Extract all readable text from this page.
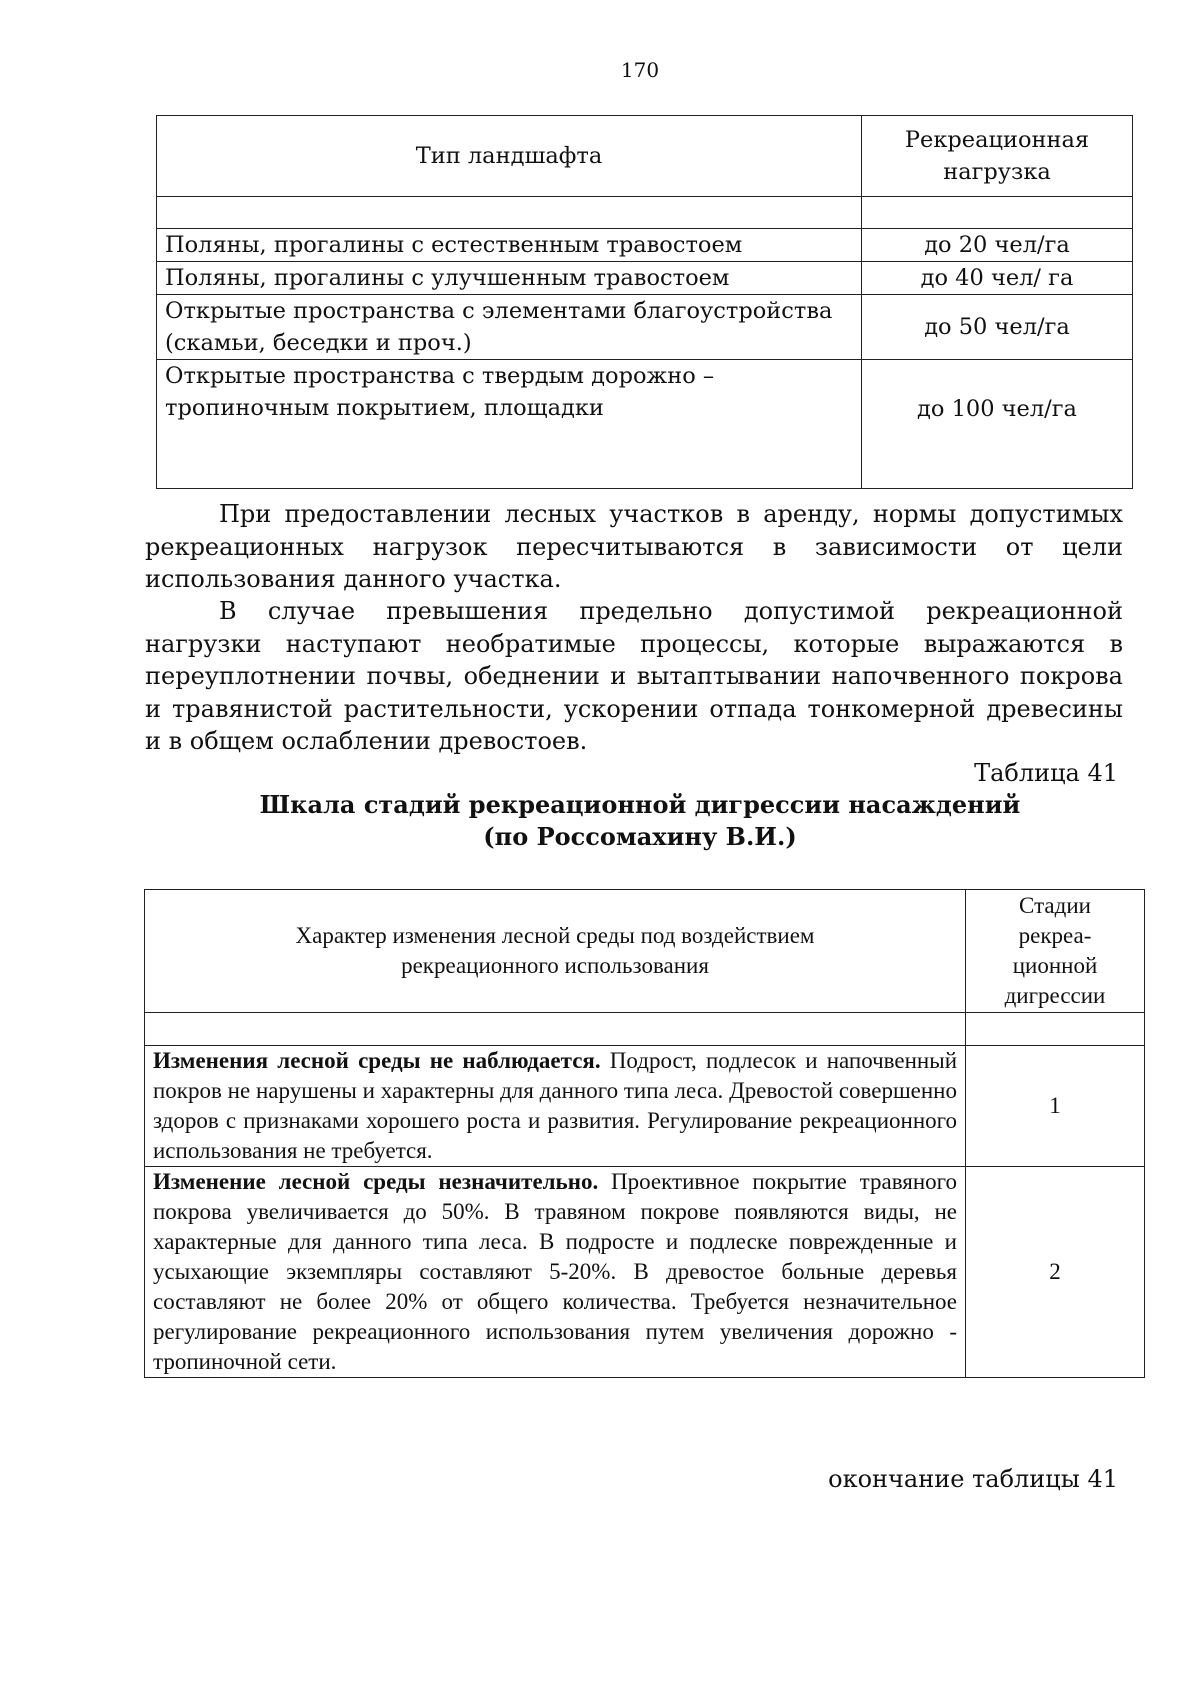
170
Тип ландшафта	Рекреационная
нагрузка

Поляны, прогалины с естественным травостоем	до 20 чел/га
Поляны, прогалины с улучшенным травостоем	до 40 чел/ га
Открытые пространства с элементами благоустройства (скамьи, беседки и проч.)	до 50 чел/га
Открытые пространства с твердым дорожно – тропиночным покрытием, площадки	до 100 чел/га

При предоставлении лесных участков в аренду, нормы допустимых рекреационных нагрузок пересчитываются в зависимости от цели использования данного участка.

В случае превышения предельно допустимой рекреационной нагрузки наступают необратимые процессы, которые выражаются в переуплотнении почвы, обеднении и вытаптывании напочвенного покрова и травянистой растительности, ускорении отпада тонкомерной древесины и в общем ослаблении древостоев.

Таблица 41

Шкала стадий рекреационной дигрессии насаждений
(по Россомахину В.И.)

Характер изменения лесной среды под воздействием
рекреационного использования	Стадии
рекреа-
ционной
дигрессии

Изменения лесной среды не наблюдается. Подрост, подлесок и напочвенный покров не нарушены и характерны для данного типа леса. Древостой совершенно здоров с признаками хорошего роста и развития. Регулирование рекреационного использования не требуется.	1
Изменение лесной среды незначительно. Проективное покрытие травяного покрова увеличивается до 50%. В травяном покрове появляются виды, не характерные для данного типа леса. В подросте и подлеске поврежденные и усыхающие экземпляры составляют 5-20%. В древостое больные деревья составляют не более 20% от общего количества. Требуется незначительное регулирование рекреационного использования путем увеличения дорожно - тропиночной сети.	2
окончание таблицы 41
